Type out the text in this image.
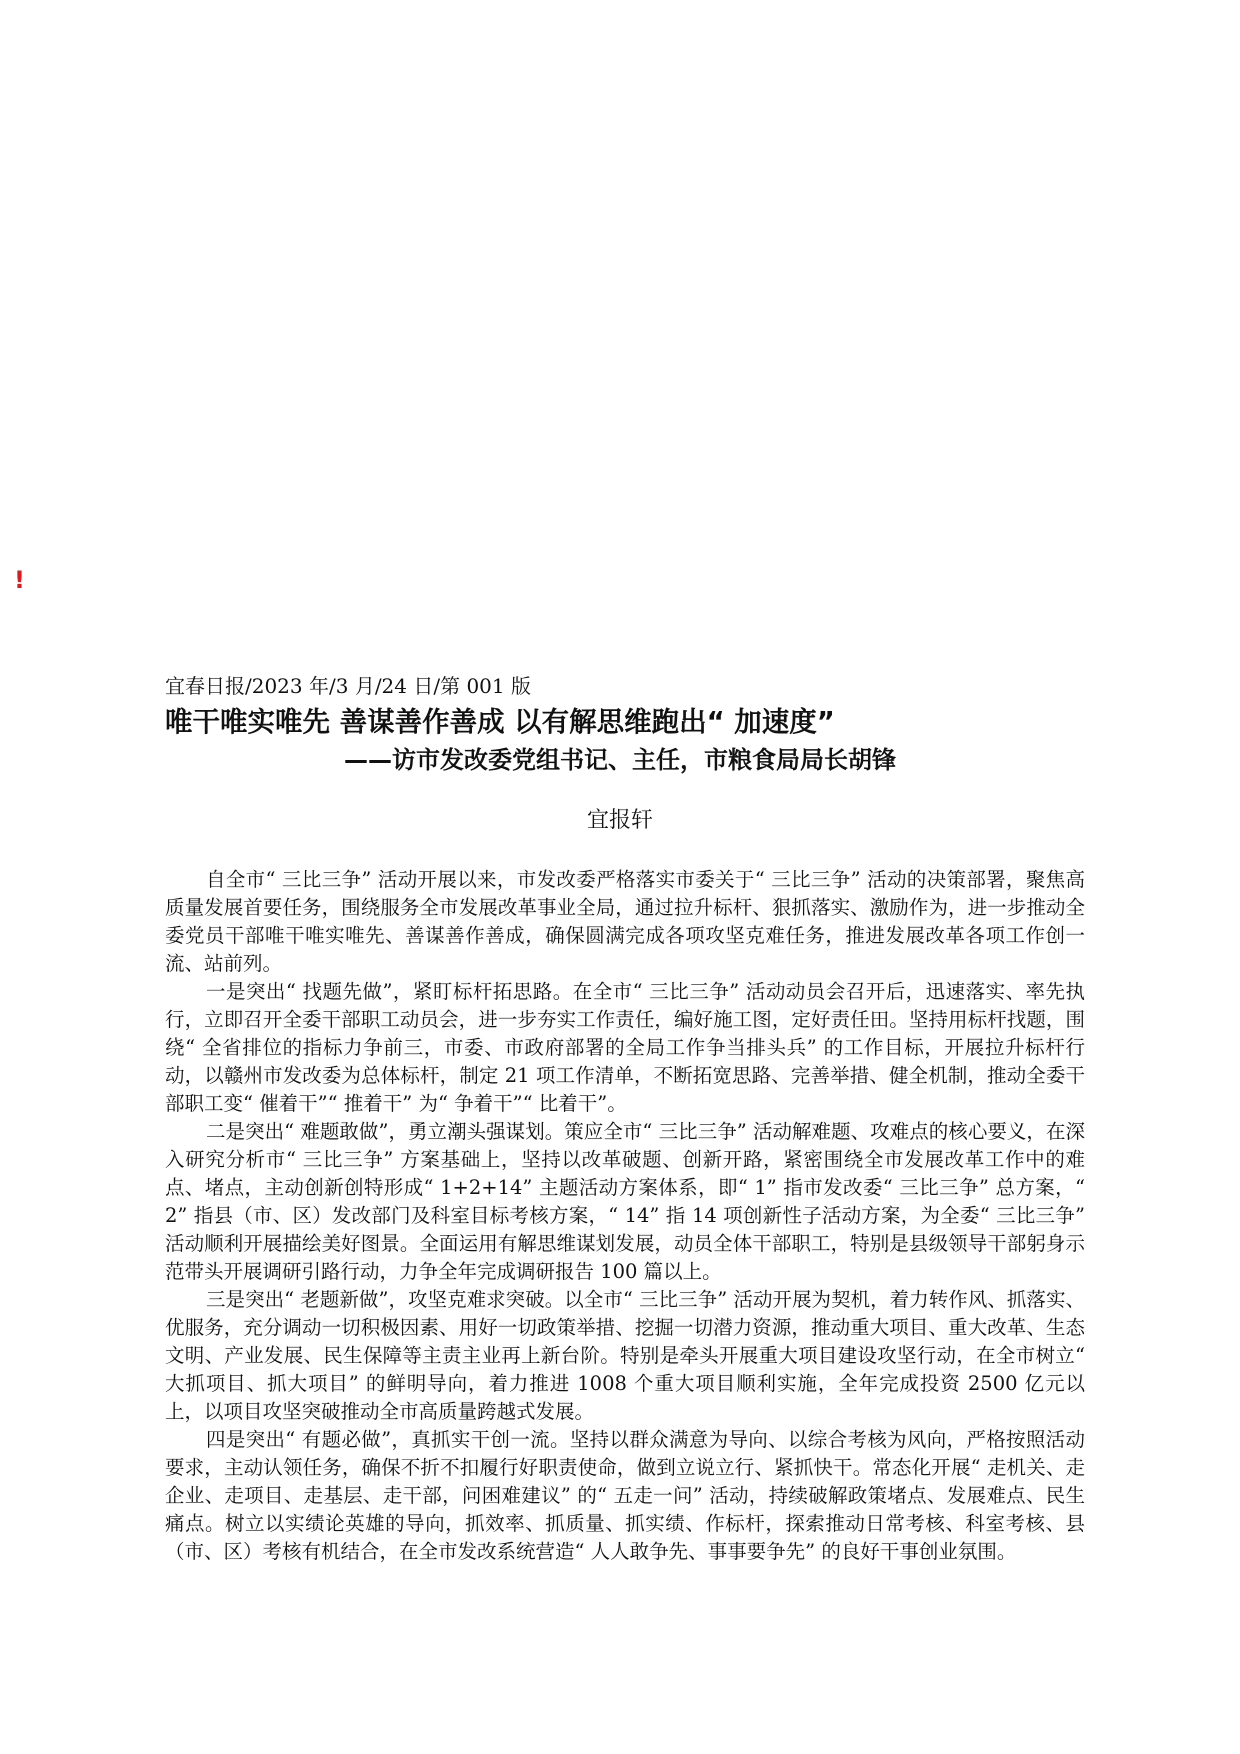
!
宜春日报/2023 年/3 月/24 日/第 001 版
唯干唯实唯先 善谋善作善成 以有解思维跑出“ 加速度”
——访市发改委党组书记、主任，市粮食局局长胡锋
宜报轩

自全市“ 三比三争” 活动开展以来，市发改委严格落实市委关于“ 三比三争” 活动的决策部署，聚焦高质量发展首要任务，围绕服务全市发展改革事业全局，通过拉升标杆、狠抓落实、激励作为，进一步推动全委党员干部唯干唯实唯先、善谋善作善成，确保圆满完成各项攻坚克难任务，推进发展改革各项工作创一流、站前列。

一是突出“ 找题先做”，紧盯标杆拓思路。在全市“ 三比三争” 活动动员会召开后，迅速落实、率先执行，立即召开全委干部职工动员会，进一步夯实工作责任，编好施工图，定好责任田。坚持用标杆找题，围绕“ 全省排位的指标力争前三，市委、市政府部署的全局工作争当排头兵” 的工作目标，开展拉升标杆行动，以赣州市发改委为总体标杆，制定 21 项工作清单，不断拓宽思路、完善举措、健全机制，推动全委干部职工变“ 催着干”“ 推着干” 为“ 争着干”“ 比着干”。

二是突出“ 难题敢做”，勇立潮头强谋划。策应全市“ 三比三争” 活动解难题、攻难点的核心要义，在深入研究分析市“ 三比三争” 方案基础上，坚持以改革破题、创新开路，紧密围绕全市发展改革工作中的难点、堵点，主动创新创特形成“ 1+2+14” 主题活动方案体系，即“ 1” 指市发改委“ 三比三争” 总方案，“ 2” 指县（市、区）发改部门及科室目标考核方案，“ 14” 指 14 项创新性子活动方案，为全委“ 三比三争” 活动顺利开展描绘美好图景。全面运用有解思维谋划发展，动员全体干部职工，特别是县级领导干部躬身示范带头开展调研引路行动，力争全年完成调研报告 100 篇以上。

三是突出“ 老题新做”，攻坚克难求突破。以全市“ 三比三争” 活动开展为契机，着力转作风、抓落实、优服务，充分调动一切积极因素、用好一切政策举措、挖掘一切潜力资源，推动重大项目、重大改革、生态文明、产业发展、民生保障等主责主业再上新台阶。特别是牵头开展重大项目建设攻坚行动，在全市树立“ 大抓项目、抓大项目” 的鲜明导向，着力推进 1008 个重大项目顺利实施，全年完成投资 2500 亿元以上，以项目攻坚突破推动全市高质量跨越式发展。

四是突出“ 有题必做”，真抓实干创一流。坚持以群众满意为导向、以综合考核为风向，严格按照活动要求，主动认领任务，确保不折不扣履行好职责使命，做到立说立行、紧抓快干。常态化开展“ 走机关、走企业、走项目、走基层、走干部，问困难建议” 的“ 五走一问” 活动，持续破解政策堵点、发展难点、民生痛点。树立以实绩论英雄的导向，抓效率、抓质量、抓实绩、作标杆，探索推动日常考核、科室考核、县（市、区）考核有机结合，在全市发改系统营造“ 人人敢争先、事事要争先” 的良好干事创业氛围。
